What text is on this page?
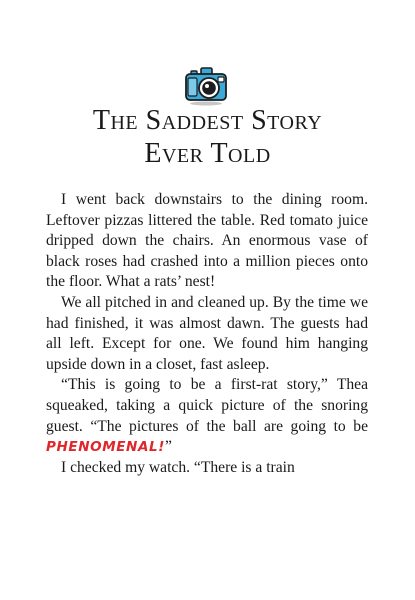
The Saddest Story
Ever Told

I went back downstairs to the dining room. Leftover pizzas littered the table. Red tomato juice dripped down the chairs. An enormous vase of black roses had crashed into a million pieces onto the floor. What a rats’ nest!

We all pitched in and cleaned up. By the time we had finished, it was almost dawn. The guests had all left. Except for one. We found him hanging upside down in a closet, fast asleep.

“This is going to be a first-rat story,” Thea squeaked, taking a quick picture of the snoring guest. “The pictures of the ball are going to be PHENOMENAL!”

I checked my watch. “There is a train
